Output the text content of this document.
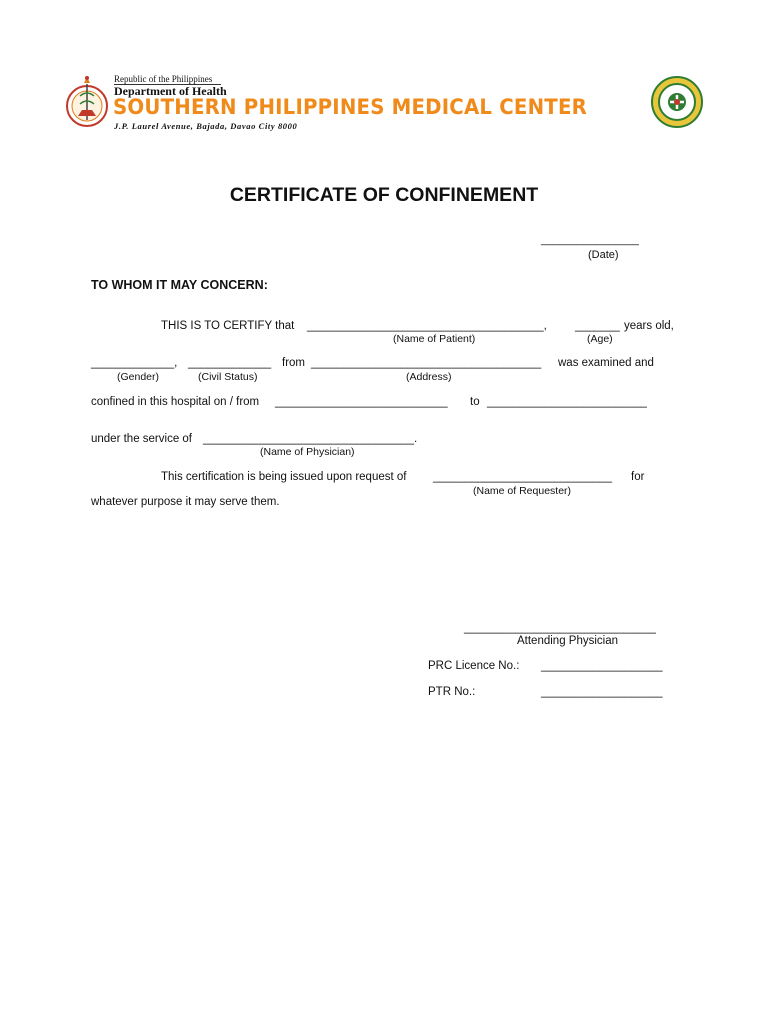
Republic of the Philippines
Department of Health
SOUTHERN PHILIPPINES MEDICAL CENTER
J.P. Laurel Avenue, Bajada, Davao City 8000
CERTIFICATE OF CONFINEMENT
________________
(Date)
TO WHOM IT MAY CONCERN:
THIS IS TO CERTIFY that _____________________________________, _______ years old,
(Name of Patient)	(Age)
_____________, _____________ from ____________________________________ was examined and
(Gender)	(Civil Status)	(Address)
confined in this hospital on / from ___________________________ to _________________________
under the service of _________________________________.
(Name of Physician)
This certification is being issued upon request of ____________________________ for
(Name of Requester)
whatever purpose it may serve them.
______________________________
Attending Physician
PRC Licence No.: ___________________
PTR No.:	___________________
